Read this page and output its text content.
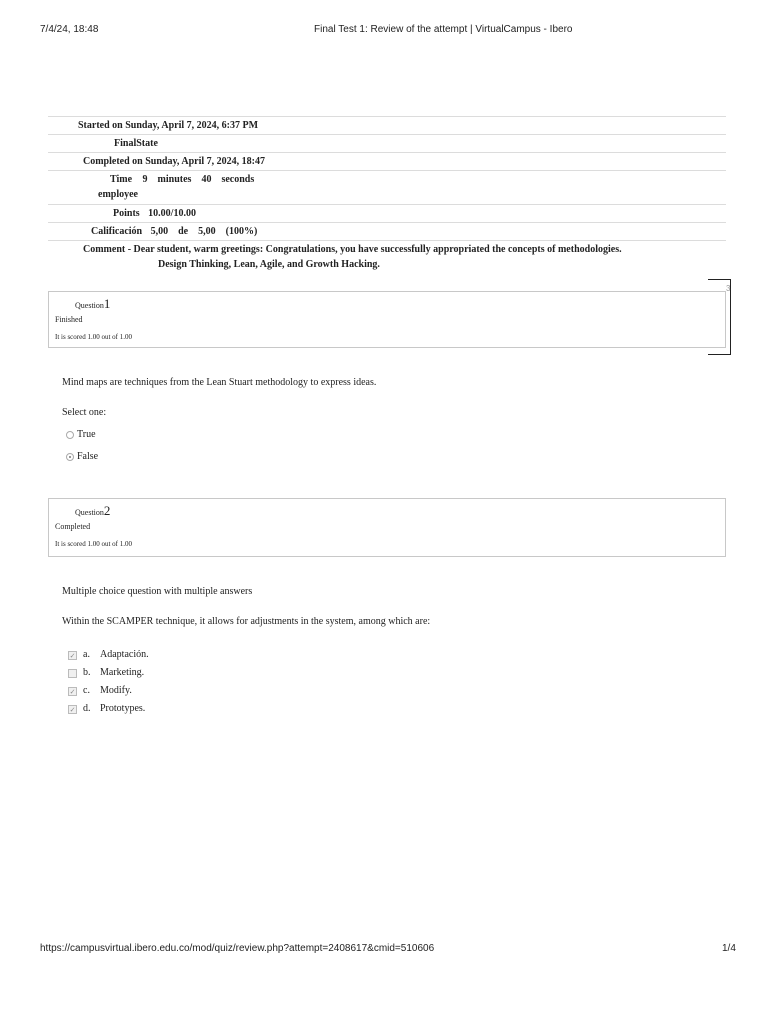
7/4/24, 18:48	Final Test 1: Review of the attempt | VirtualCampus - Ibero
Started on Sunday, April 7, 2024, 6:37 PM
FinalState
Completed on Sunday, April 7, 2024, 18:47

Time 9    minutes    40    seconds
employee

Points 10.00/10.00
Calificación 5,00    de    5,00    (100%)

Comment - Dear student, warm greetings: Congratulations, you have successfully appropriated the concepts of methodologies.
Design Thinking, Lean, Agile, and Growth Hacking.
3
Question1
Finished
It is scored 1.00 out of 1.00
Mind maps are techniques from the Lean Stuart methodology to express ideas.
Select one:
True
False
Question2
Completed
It is scored 1.00 out of 1.00
Multiple choice question with multiple answers
Within the SCAMPER technique, it allows for adjustments in the system, among which are:
✓ a. Adaptación.
b. Marketing.
✓ c. Modify.
✓ d. Prototypes.
https://campusvirtual.ibero.edu.co/mod/quiz/review.php?attempt=2408617&cmid=510606	1/4
